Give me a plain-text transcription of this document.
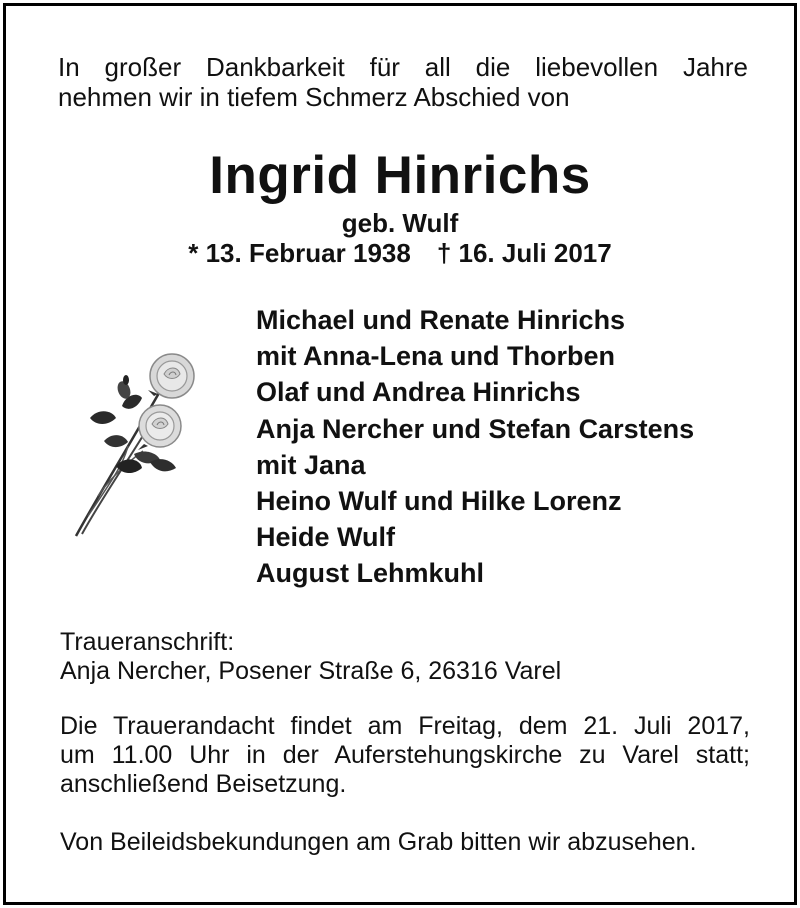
In großer Dankbarkeit für all die liebevollen Jahre
nehmen wir in tiefem Schmerz Abschied von
Ingrid Hinrichs
geb. Wulf
* 13. Februar 1938 † 16. Juli 2017
Michael und Renate Hinrichs
mit Anna-Lena und Thorben
Olaf und Andrea Hinrichs
Anja Nercher und Stefan Carstens
mit Jana
Heino Wulf und Hilke Lorenz
Heide Wulf
August Lehmkuhl
Traueranschrift:
Anja Nercher, Posener Straße 6, 26316 Varel
Die Trauerandacht findet am Freitag, dem 21. Juli 2017,
um 11.00 Uhr in der Auferstehungskirche zu Varel statt;
anschließend Beisetzung.
Von Beileidsbekundungen am Grab bitten wir abzusehen.
